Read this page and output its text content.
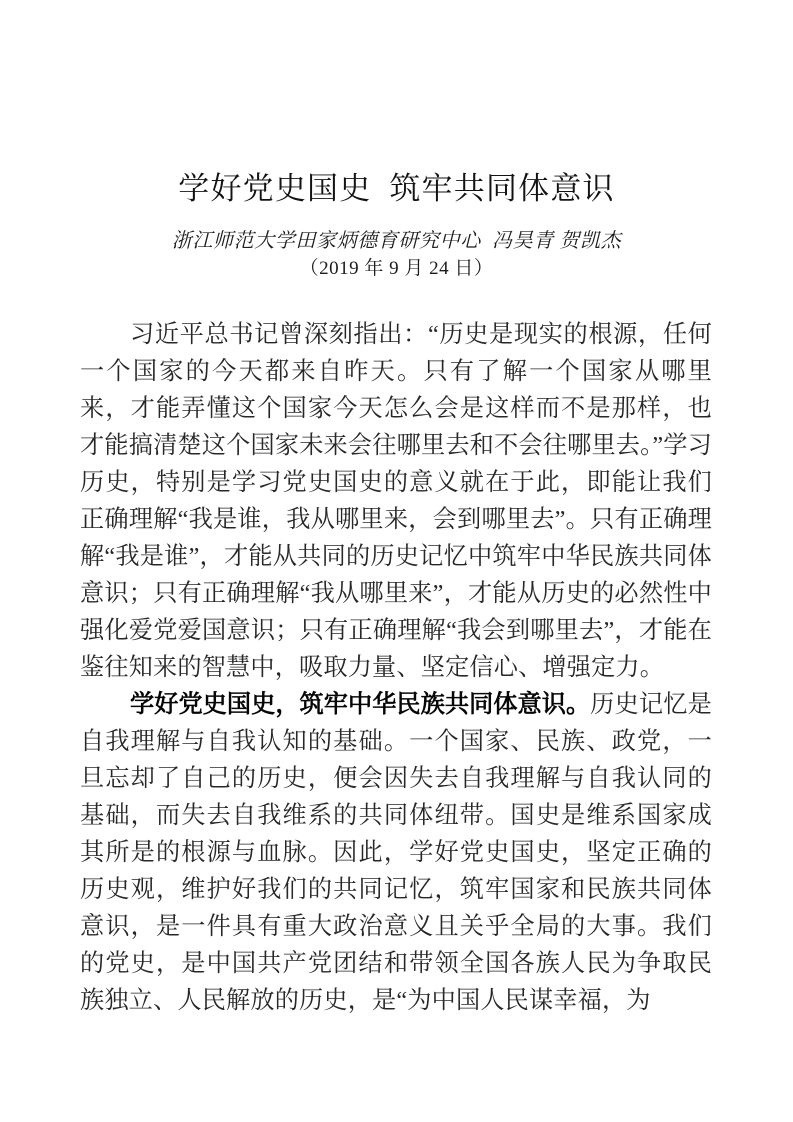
学好党史国史  筑牢共同体意识
浙江师范大学田家炳德育研究中心  冯昊青 贺凯杰
（2019 年 9 月 24 日）

习近平总书记曾深刻指出：“历史是现实的根源，任何一个国家的今天都来自昨天。只有了解一个国家从哪里来，才能弄懂这个国家今天怎么会是这样而不是那样，也才能搞清楚这个国家未来会往哪里去和不会往哪里去。”学习历史，特别是学习党史国史的意义就在于此，即能让我们正确理解“我是谁，我从哪里来，会到哪里去”。只有正确理解“我是谁”，才能从共同的历史记忆中筑牢中华民族共同体意识；只有正确理解“我从哪里来”，才能从历史的必然性中强化爱党爱国意识；只有正确理解“我会到哪里去”，才能在鉴往知来的智慧中，吸取力量、坚定信心、增强定力。

学好党史国史，筑牢中华民族共同体意识。历史记忆是自我理解与自我认知的基础。一个国家、民族、政党，一旦忘却了自己的历史，便会因失去自我理解与自我认同的基础，而失去自我维系的共同体纽带。国史是维系国家成其所是的根源与血脉。因此，学好党史国史，坚定正确的历史观，维护好我们的共同记忆，筑牢国家和民族共同体意识，是一件具有重大政治意义且关乎全局的大事。我们的党史，是中国共产党团结和带领全国各族人民为争取民族独立、人民解放的历史，是“为中国人民谋幸福，为
